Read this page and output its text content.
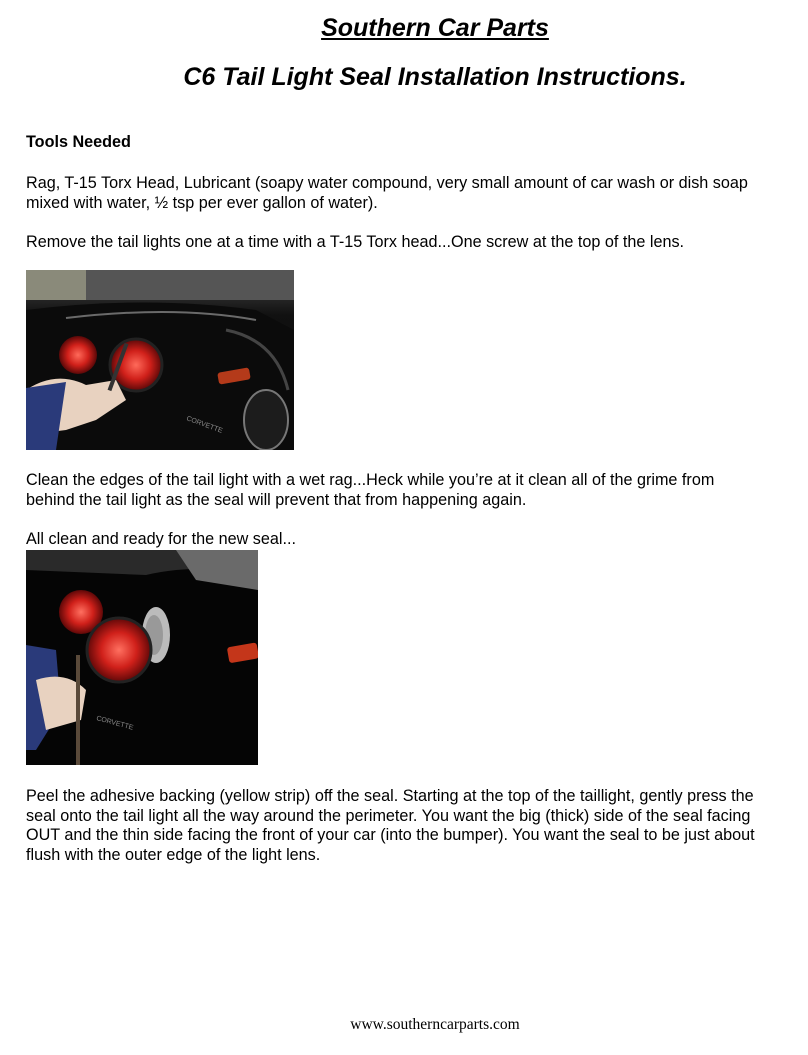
Southern Car Parts
C6 Tail Light Seal Installation Instructions.
Tools Needed
Rag, T-15 Torx Head, Lubricant (soapy water compound, very small amount of car wash or dish soap mixed with water, ½ tsp per ever gallon of water).
Remove the tail lights one at a time with a T-15 Torx head...One screw at the top of the lens.
CORVETTE
Clean the edges of the tail light with a wet rag...Heck while you’re at it clean all of the grime from behind the tail light as the seal will prevent that from happening again.
All clean and ready for the new seal...
CORVETTE
Peel the adhesive backing (yellow strip) off the seal. Starting at the top of the taillight, gently press the seal onto the tail light all the way around the perimeter. You want the big (thick) side of the seal facing OUT and the thin side facing the front of your car (into the bumper). You want the seal to be just about flush with the outer edge of the light lens.
www.southerncarparts.com
